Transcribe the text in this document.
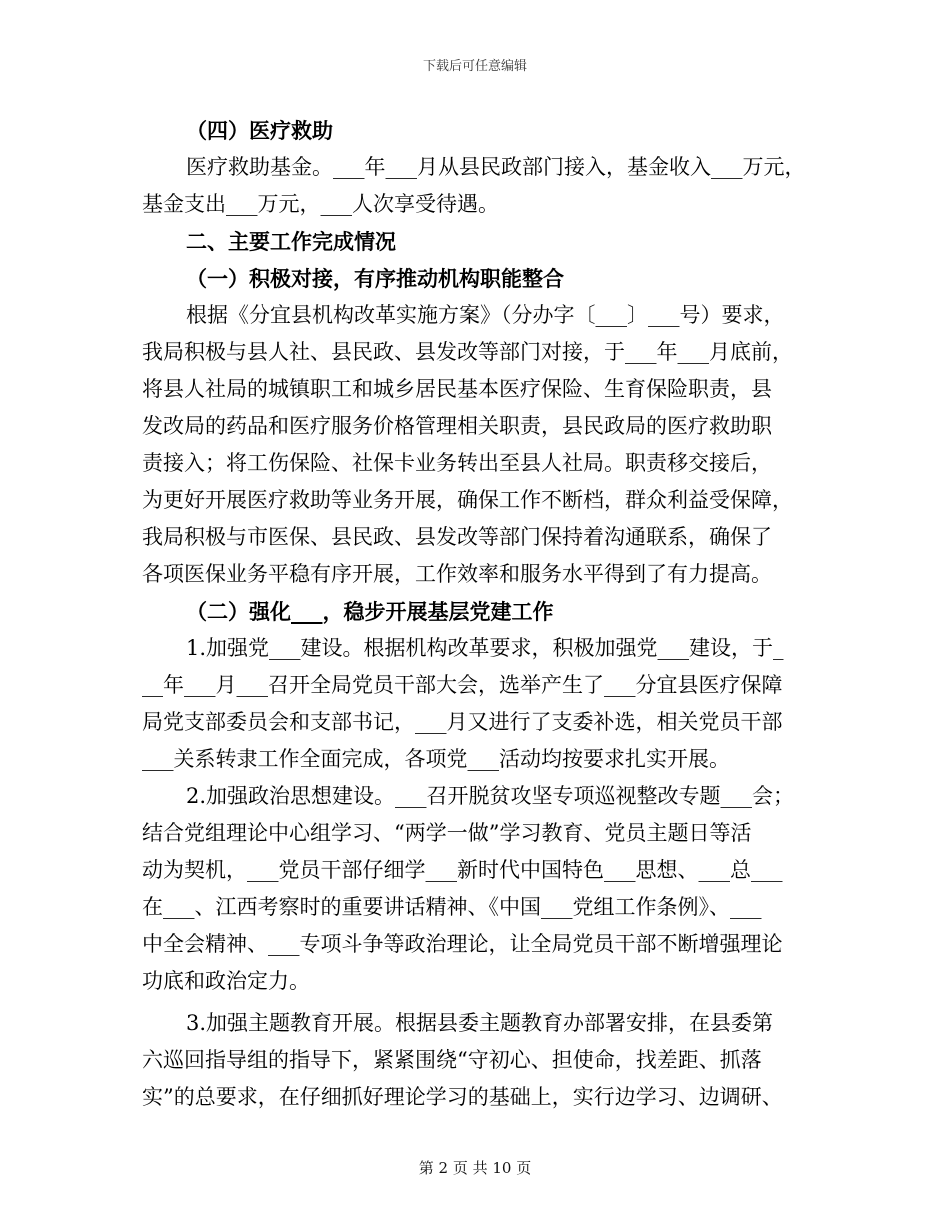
下载后可任意编辑
（四）医疗救助
医疗救助基金。___年___月从县民政部门接入，基金收入___万元，
基金支出___万元，___人次享受待遇。
二、主要工作完成情况
（一）积极对接，有序推动机构职能整合
根据《分宜县机构改革实施方案》（分办字〔___〕___号）要求，
我局积极与县人社、县民政、县发改等部门对接，于___年___月底前，
将县人社局的城镇职工和城乡居民基本医疗保险、生育保险职责，县
发改局的药品和医疗服务价格管理相关职责，县民政局的医疗救助职
责接入；将工伤保险、社保卡业务转出至县人社局。职责移交接后，
为更好开展医疗救助等业务开展，确保工作不断档，群众利益受保障，
我局积极与市医保、县民政、县发改等部门保持着沟通联系，确保了
各项医保业务平稳有序开展，工作效率和服务水平得到了有力提高。
（二）强化___，稳步开展基层党建工作
1.加强党___建设。根据机构改革要求，积极加强党___建设，于_
__年___月___召开全局党员干部大会，选举产生了___分宜县医疗保障
局党支部委员会和支部书记，___月又进行了支委补选，相关党员干部
___关系转隶工作全面完成，各项党___活动均按要求扎实开展。
2.加强政治思想建设。___召开脱贫攻坚专项巡视整改专题___会；
结合党组理论中心组学习、“两学一做”学习教育、党员主题日等活
动为契机，___党员干部仔细学___新时代中国特色___思想、___总___
在___、江西考察时的重要讲话精神、《中国___党组工作条例》、___
中全会精神、___专项斗争等政治理论，让全局党员干部不断增强理论
功底和政治定力。
3.加强主题教育开展。根据县委主题教育办部署安排，在县委第
六巡回指导组的指导下，紧紧围绕“守初心、担使命，找差距、抓落
实”的总要求，在仔细抓好理论学习的基础上，实行边学习、边调研、
第 2 页 共 10 页
